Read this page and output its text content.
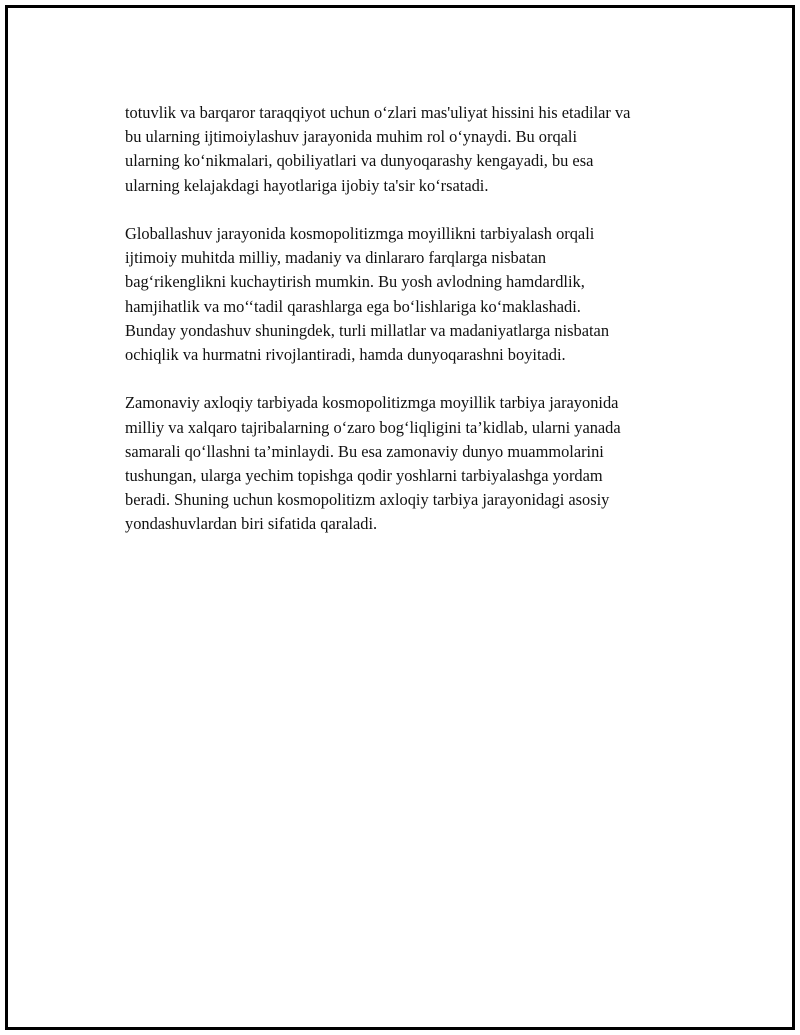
totuvlik va barqaror taraqqiyot uchun o‘zlari mas'uliyat hissini his etadilar va
bu ularning ijtimoiylashuv jarayonida muhim rol o‘ynaydi. Bu orqali
ularning ko‘nikmalari, qobiliyatlari va dunyoqarashy kengayadi, bu esa
ularning kelajakdagi hayotlariga ijobiy ta'sir ko‘rsatadi.

Globallashuv jarayonida kosmopolitizmga moyillikni tarbiyalash orqali
ijtimoiy muhitda milliy, madaniy va dinlararo farqlarga nisbatan
bag‘rikenglikni kuchaytirish mumkin. Bu yosh avlodning hamdardlik,
hamjihatlik va mo‘‘tadil qarashlarga ega bo‘lishlariga ko‘maklashadi.
Bunday yondashuv shuningdek, turli millatlar va madaniyatlarga nisbatan
ochiqlik va hurmatni rivojlantiradi, hamda dunyoqarashni boyitadi.

Zamonaviy axloqiy tarbiyada kosmopolitizmga moyillik tarbiya jarayonida
milliy va xalqaro tajribalarning o‘zaro bog‘liqligini ta’kidlab, ularni yanada
samarali qo‘llashni ta’minlaydi. Bu esa zamonaviy dunyo muammolarini
tushungan, ularga yechim topishga qodir yoshlarni tarbiyalashga yordam
beradi. Shuning uchun kosmopolitizm axloqiy tarbiya jarayonidagi asosiy
yondashuvlardan biri sifatida qaraladi.
